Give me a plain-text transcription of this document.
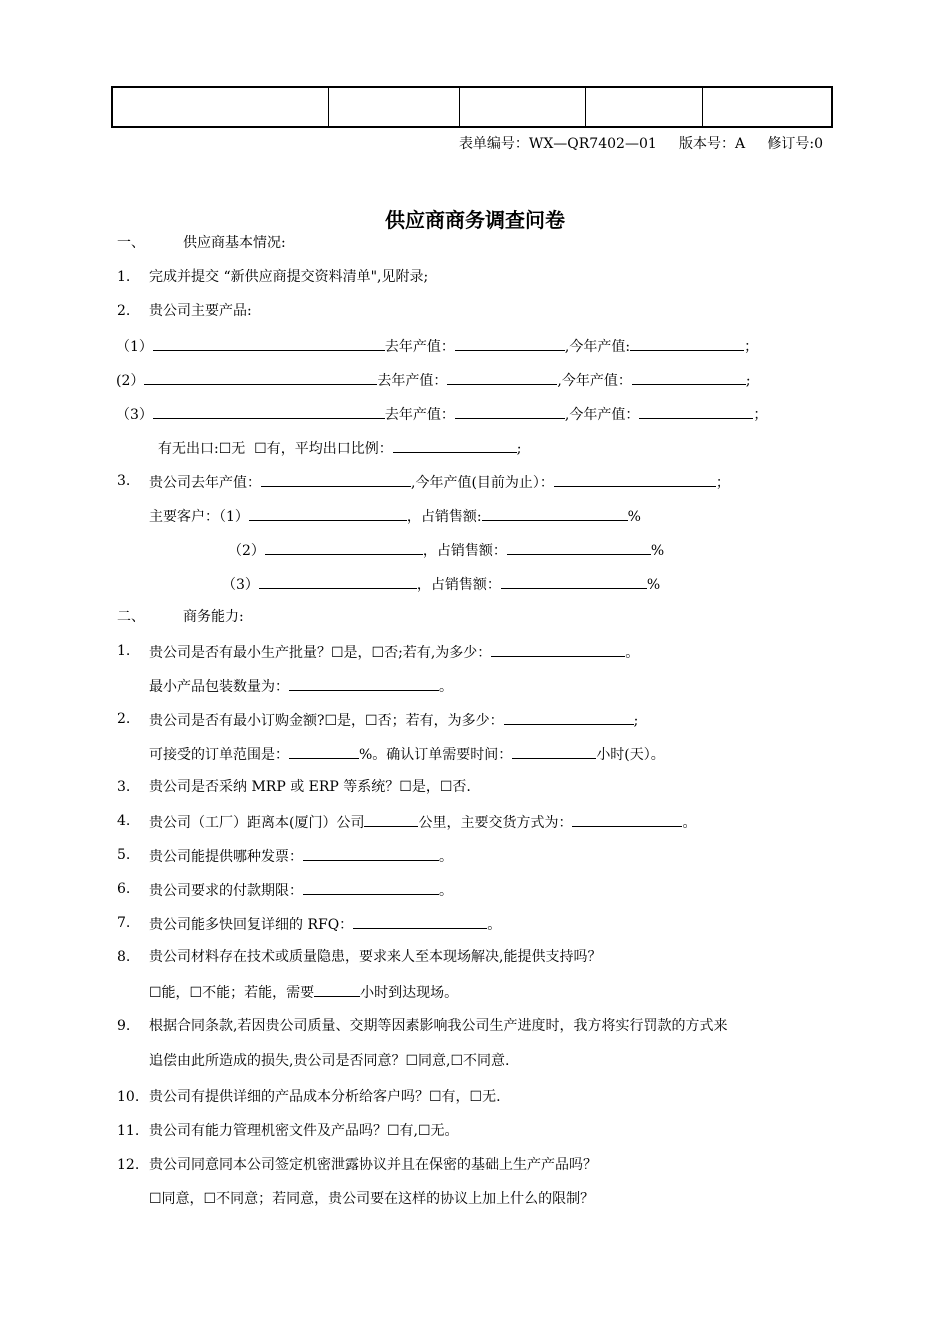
表单编号：WX—QR7402—01     版本号：A     修订号:0
供应商商务调查问卷
一、	供应商基本情况:
1. 完成并提交 “新供应商提交资料清单",见附录;
2. 贵公司主要产品:
（1）	去年产值：	,今年产值:	；
(2）	去年产值：	,今年产值：	;
（3）	去年产值：	,今年产值：	；
有无出口:☐无  ☐有，平均出口比例：	;
3. 贵公司去年产值：	,今年产值(目前为止）：	；
主要客户：（1）	，占销售额:	%
（2）	，占销售额：	%
（3）	，占销售额：	%
二、	商务能力:
1. 贵公司是否有最小生产批量？☐是，☐否;若有,为多少：	。
最小产品包装数量为：	。
2. 贵公司是否有最小订购金额?☐是，☐否；若有，为多少：	;
可接受的订单范围是：	%。确认订单需要时间：	小时(天）。
3. 贵公司是否采纳 MRP 或 ERP 等系统？☐是，☐否.
4. 贵公司（工厂）距离本(厦门）公司	公里，主要交货方式为：	。
5. 贵公司能提供哪种发票：	。
6. 贵公司要求的付款期限：	。
7. 贵公司能多快回复详细的 RFQ：	。
8. 贵公司材料存在技术或质量隐患，要求来人至本现场解决,能提供支持吗？
☐能，☐不能；若能，需要	小时到达现场。
9. 根据合同条款,若因贵公司质量、交期等因素影响我公司生产进度时，我方将实行罚款的方式来
追偿由此所造成的损失,贵公司是否同意？☐同意,☐不同意.
10. 贵公司有提供详细的产品成本分析给客户吗？☐有，☐无.
11. 贵公司有能力管理机密文件及产品吗？☐有,☐无。
12. 贵公司同意同本公司签定机密泄露协议并且在保密的基础上生产产品吗？
☐同意，☐不同意；若同意，贵公司要在这样的协议上加上什么的限制？
